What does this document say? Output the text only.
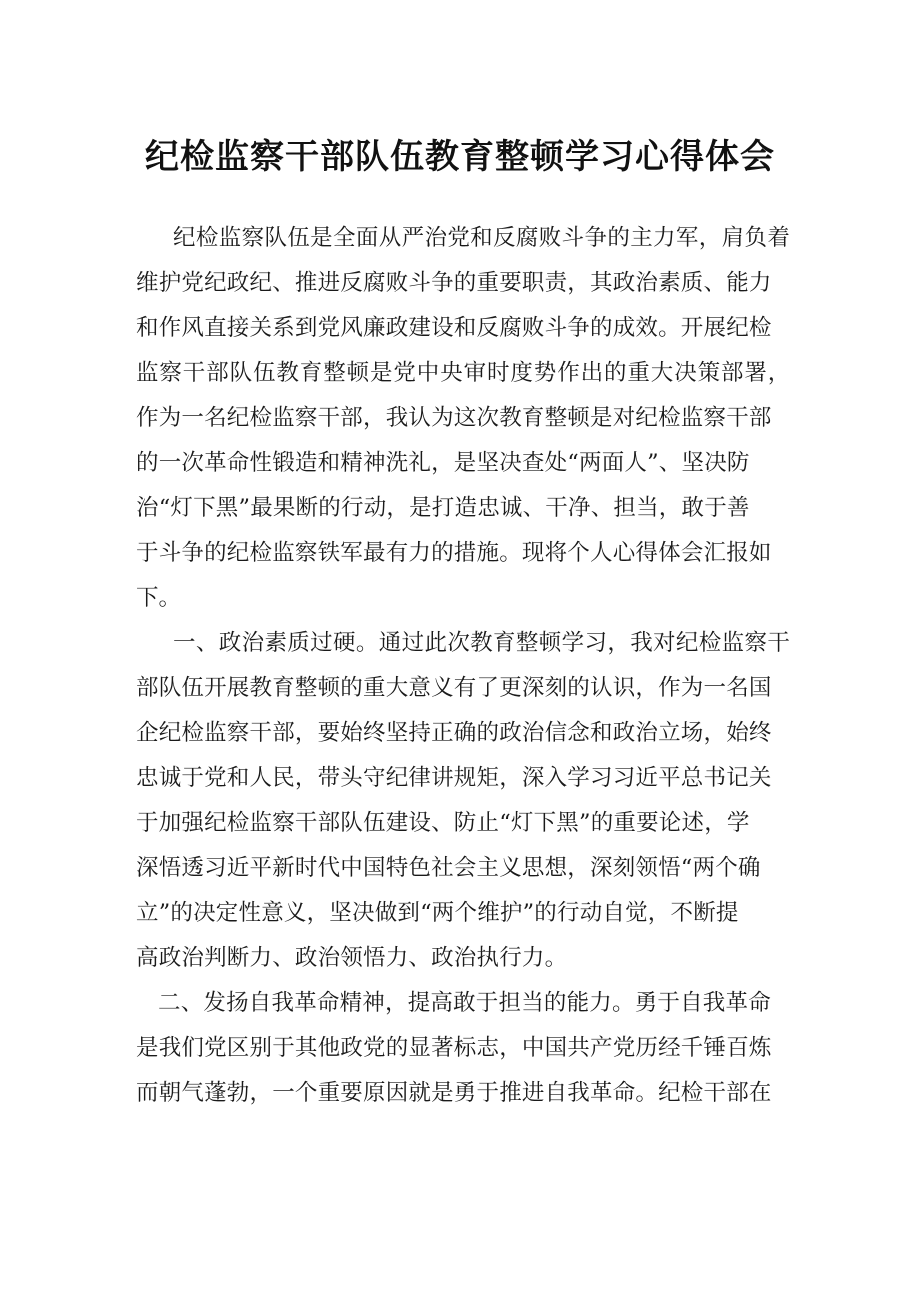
纪检监察干部队伍教育整顿学习心得体会

纪检监察队伍是全面从严治党和反腐败斗争的主力军，肩负着

维护党纪政纪、推进反腐败斗争的重要职责，其政治素质、能力

和作风直接关系到党风廉政建设和反腐败斗争的成效。开展纪检

监察干部队伍教育整顿是党中央审时度势作出的重大决策部署，

作为一名纪检监察干部，我认为这次教育整顿是对纪检监察干部

的一次革命性锻造和精神洗礼，是坚决查处“两面人”、坚决防

治“灯下黑”最果断的行动，是打造忠诚、干净、担当，敢于善

于斗争的纪检监察铁军最有力的措施。现将个人心得体会汇报如

下。

一、政治素质过硬。通过此次教育整顿学习，我对纪检监察干

部队伍开展教育整顿的重大意义有了更深刻的认识，作为一名国

企纪检监察干部，要始终坚持正确的政治信念和政治立场，始终

忠诚于党和人民，带头守纪律讲规矩，深入学习习近平总书记关

于加强纪检监察干部队伍建设、防止“灯下黑”的重要论述，学

深悟透习近平新时代中国特色社会主义思想，深刻领悟“两个确

立”的决定性意义，坚决做到“两个维护”的行动自觉，不断提

高政治判断力、政治领悟力、政治执行力。

二、发扬自我革命精神，提高敢于担当的能力。勇于自我革命

是我们党区别于其他政党的显著标志，中国共产党历经千锤百炼

而朝气蓬勃，一个重要原因就是勇于推进自我革命。纪检干部在
